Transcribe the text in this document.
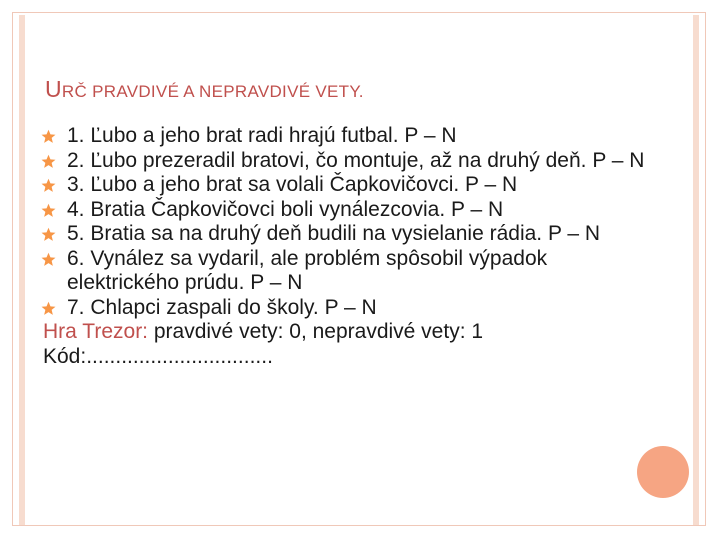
URČ PRAVDIVÉ A NEPRAVDIVÉ VETY.
1. Ľubo a jeho brat radi hrajú futbal. P – N
2. Ľubo prezeradil bratovi, čo montuje, až na druhý deň. P – N
3. Ľubo a jeho brat sa volali Čapkovičovci. P – N
4. Bratia Čapkovičovci boli vynálezcovia. P – N
5. Bratia sa na druhý deň budili na vysielanie rádia. P – N
6. Vynález sa vydaril, ale problém spôsobil výpadok elektrického prúdu. P – N
7. Chlapci zaspali do školy. P – N
Hra Trezor: pravdivé vety: 0, nepravdivé vety: 1
Kód:................................
